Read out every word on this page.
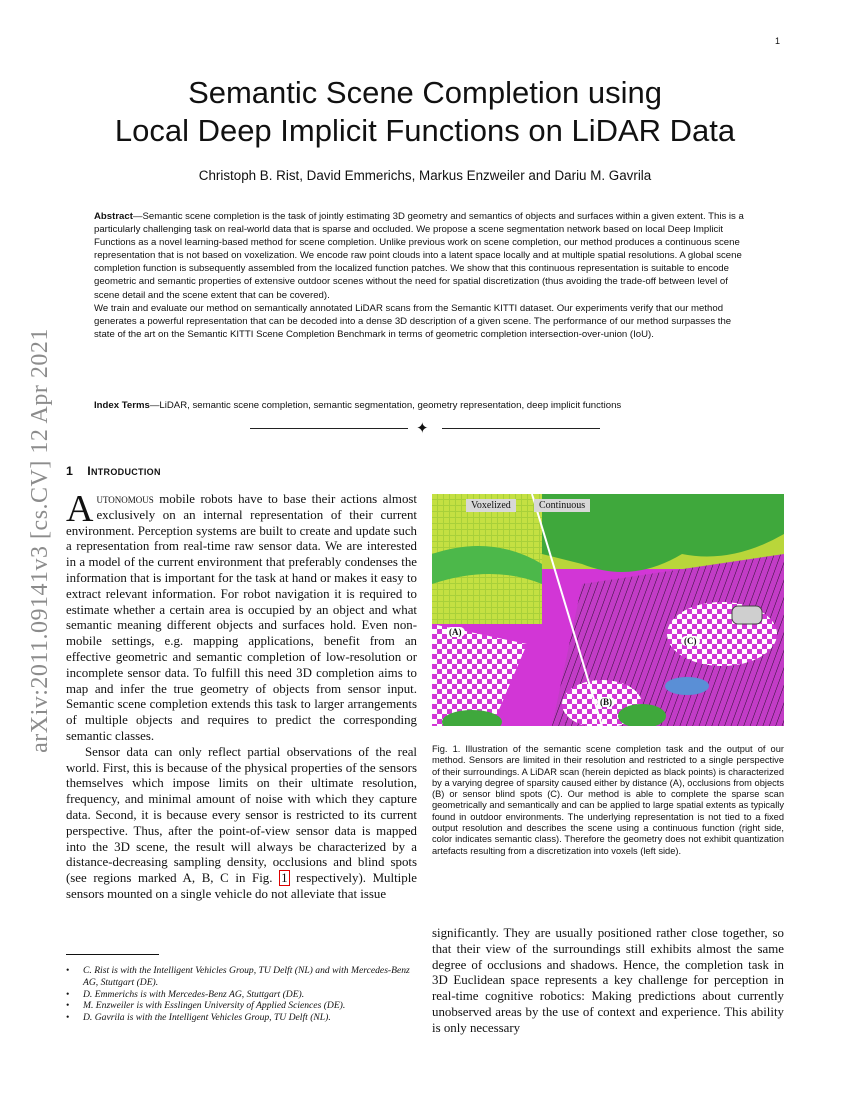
1
arXiv:2011.09141v3 [cs.CV] 12 Apr 2021
Semantic Scene Completion using
Local Deep Implicit Functions on LiDAR Data
Christoph B. Rist, David Emmerichs, Markus Enzweiler and Dariu M. Gavrila

Abstract—Semantic scene completion is the task of jointly estimating 3D geometry and semantics of objects and surfaces within a given extent. This is a particularly challenging task on real-world data that is sparse and occluded. We propose a scene segmentation network based on local Deep Implicit Functions as a novel learning-based method for scene completion. Unlike previous work on scene completion, our method produces a continuous scene representation that is not based on voxelization. We encode raw point clouds into a latent space locally and at multiple spatial resolutions. A global scene completion function is subsequently assembled from the localized function patches. We show that this continuous representation is suitable to encode geometric and semantic properties of extensive outdoor scenes without the need for spatial discretization (thus avoiding the trade-off between level of scene detail and the scene extent that can be covered).

We train and evaluate our method on semantically annotated LiDAR scans from the Semantic KITTI dataset. Our experiments verify that our method generates a powerful representation that can be decoded into a dense 3D description of a given scene. The performance of our method surpasses the state of the art on the Semantic KITTI Scene Completion Benchmark in terms of geometric completion intersection-over-union (IoU).

Index Terms—LiDAR, semantic scene completion, semantic segmentation, geometry representation, deep implicit functions
✦
1 Introduction

Autonomous mobile robots have to base their actions almost exclusively on an internal representation of their current environment. Perception systems are built to create and update such a representation from real-time raw sensor data. We are interested in a model of the current environment that preferably condenses the information that is important for the task at hand or makes it easy to extract relevant information. For robot navigation it is required to estimate whether a certain area is occupied by an object and what semantic meaning different objects and surfaces hold. Even non-mobile settings, e.g. mapping applications, benefit from an effective geometric and semantic completion of low-resolution or incomplete sensor data. To fulfill this need 3D completion aims to map and infer the true geometry of objects from sensor input. Semantic scene completion extends this task to larger arrangements of multiple objects and requires to predict the corresponding semantic classes.

Sensor data can only reflect partial observations of the real world. First, this is because of the physical properties of the sensors themselves which impose limits on their ultimate resolution, frequency, and minimal amount of noise with which they capture data. Second, it is because every sensor is restricted to its current perspective. Thus, after the point-of-view sensor data is mapped into the 3D scene, the result will always be characterized by a distance-decreasing sampling density, occlusions and blind spots (see regions marked A, B, C in Fig. 1 respectively). Multiple sensors mounted on a single vehicle do not alleviate that issue

• C. Rist is with the Intelligent Vehicles Group, TU Delft (NL) and with Mercedes-Benz AG, Stuttgart (DE).
• D. Emmerichs is with Mercedes-Benz AG, Stuttgart (DE).
• M. Enzweiler is with Esslingen University of Applied Sciences (DE).
• D. Gavrila is with the Intelligent Vehicles Group, TU Delft (NL).
Voxelized	Continuous
(A)
(B)
(C)

Fig. 1. Illustration of the semantic scene completion task and the output of our method. Sensors are limited in their resolution and restricted to a single perspective of their surroundings. A LiDAR scan (herein depicted as black points) is characterized by a varying degree of sparsity caused either by distance (A), occlusions from objects (B) or sensor blind spots (C). Our method is able to complete the sparse scan geometrically and semantically and can be applied to large spatial extents as typically found in outdoor environments. The underlying representation is not tied to a fixed output resolution and describes the scene using a continuous function (right side, color indicates semantic class). Therefore the geometry does not exhibit quantization artefacts resulting from a discretization into voxels (left side).

significantly. They are usually positioned rather close together, so that their view of the surroundings still exhibits almost the same degree of occlusions and shadows. Hence, the completion task in 3D Euclidean space represents a key challenge for perception in real-time cognitive robotics: Making predictions about currently unobserved areas by the use of context and experience. This ability is only necessary
